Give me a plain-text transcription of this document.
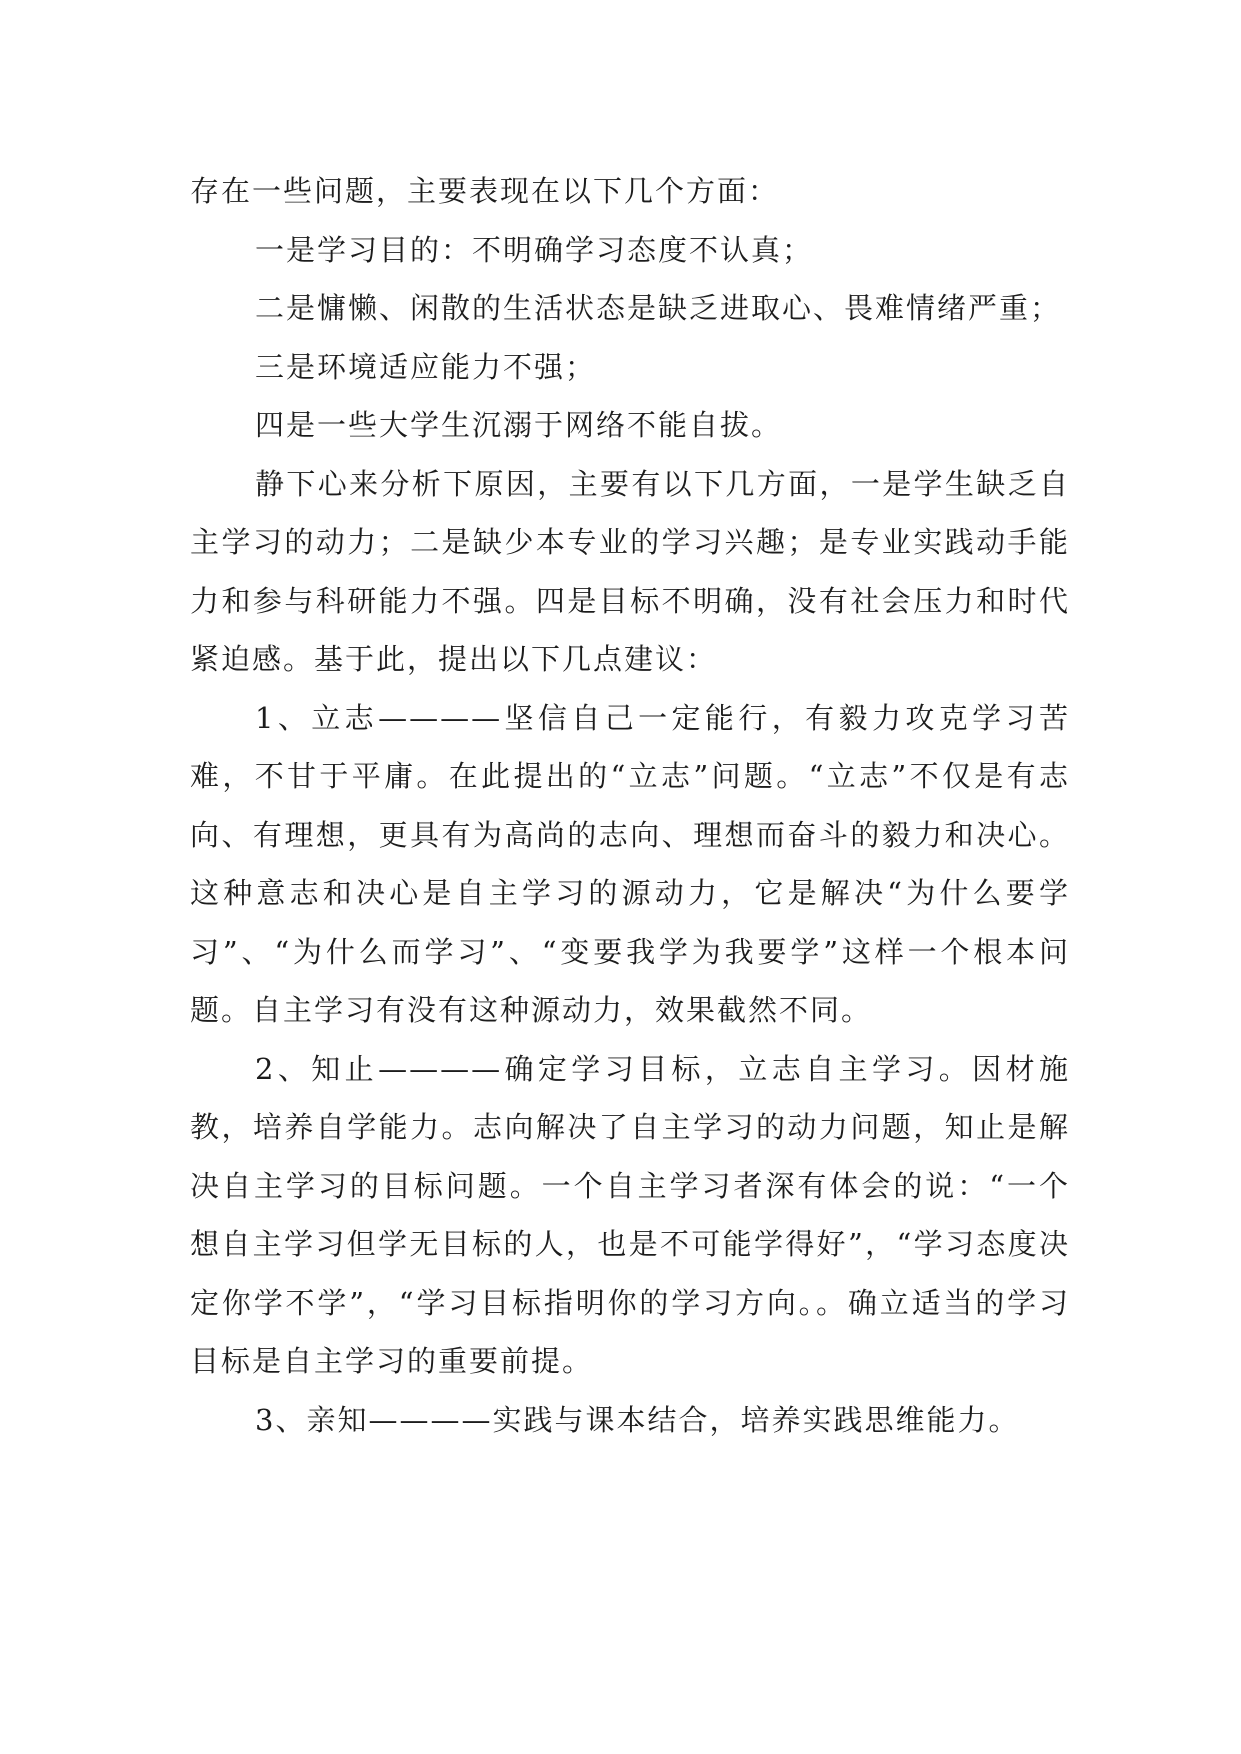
存在一些问题，主要表现在以下几个方面：

一是学习目的：不明确学习态度不认真；

二是慵懒、闲散的生活状态是缺乏进取心、畏难情绪严重；

三是环境适应能力不强；

四是一些大学生沉溺于网络不能自拔。

静下心来分析下原因，主要有以下几方面，一是学生缺乏自主学习的动力；二是缺少本专业的学习兴趣；是专业实践动手能力和参与科研能力不强。四是目标不明确，没有社会压力和时代紧迫感。基于此，提出以下几点建议：

1、立志————坚信自己一定能行，有毅力攻克学习苦难，不甘于平庸。在此提出的“立志”问题。“立志”不仅是有志向、有理想，更具有为高尚的志向、理想而奋斗的毅力和决心。这种意志和决心是自主学习的源动力，它是解决“为什么要学习”、“为什么而学习”、“变要我学为我要学”这样一个根本问题。自主学习有没有这种源动力，效果截然不同。

2、知止————确定学习目标，立志自主学习。因材施教，培养自学能力。志向解决了自主学习的动力问题，知止是解决自主学习的目标问题。一个自主学习者深有体会的说：“一个想自主学习但学无目标的人，也是不可能学得好”，“学习态度决定你学不学”，“学习目标指明你的学习方向。。确立适当的学习目标是自主学习的重要前提。

3、亲知————实践与课本结合，培养实践思维能力。
